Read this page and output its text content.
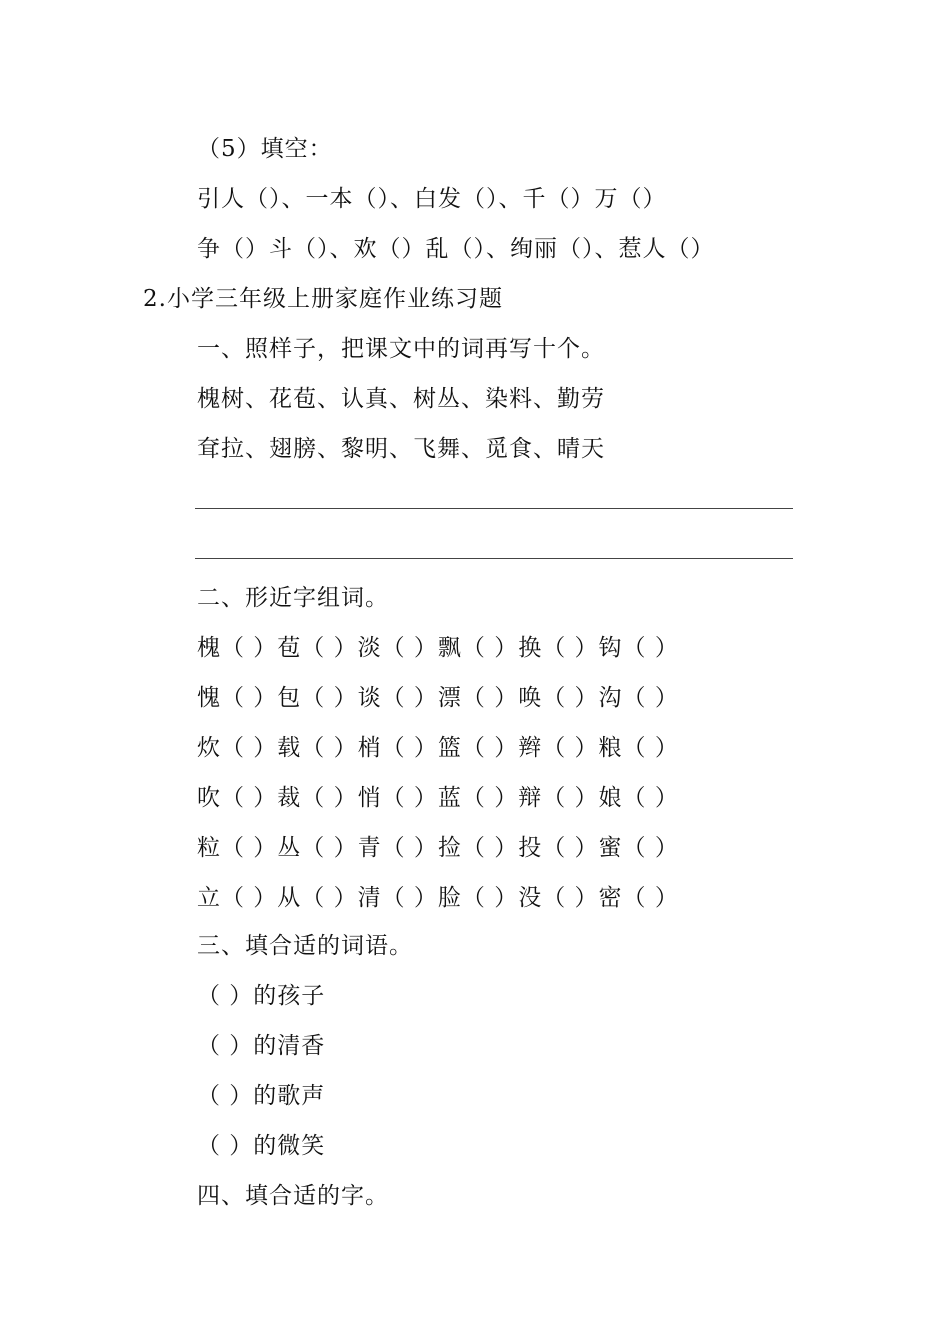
（5）填空：
引人（）、一本（）、白发（）、千（）万（）
争（）斗（）、欢（）乱（）、绚丽（）、惹人（）
2.小学三年级上册家庭作业练习题
一、照样子，把课文中的词再写十个。
槐树、花苞、认真、树丛、染料、勤劳
耷拉、翅膀、黎明、飞舞、觅食、晴天
二、形近字组词。
槐（ ）苞（ ）淡（ ）飘（ ）换（ ）钩（ ）
愧（ ）包（ ）谈（ ）漂（ ）唤（ ）沟（ ）
炊（ ）载（ ）梢（ ）篮（ ）辫（ ）粮（ ）
吹（ ）裁（ ）悄（ ）蓝（ ）辩（ ）娘（ ）
粒（ ）丛（ ）青（ ）捡（ ）投（ ）蜜（ ）
立（ ）从（ ）清（ ）脸（ ）没（ ）密（ ）
三、填合适的词语。
（ ）的孩子
（ ）的清香
（ ）的歌声
（ ）的微笑
四、填合适的字。
